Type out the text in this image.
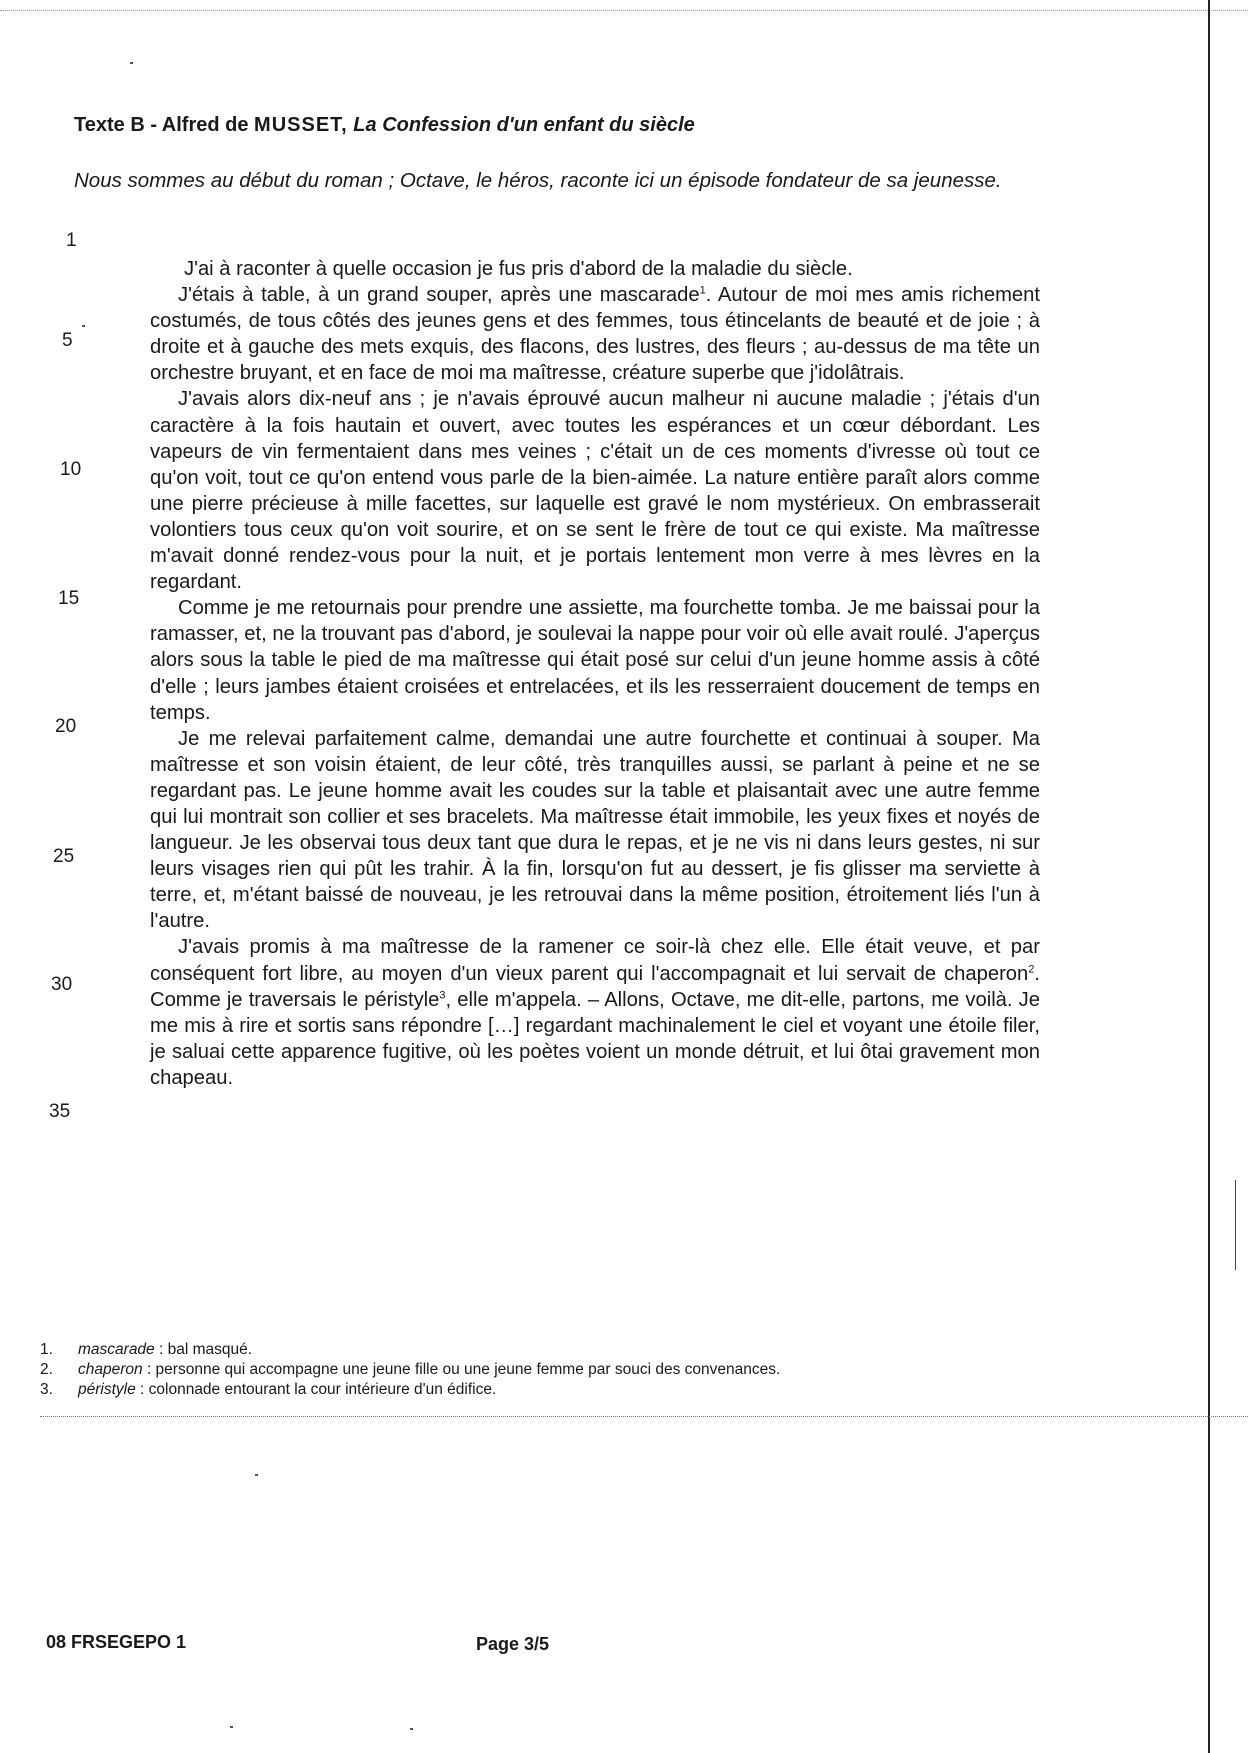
Texte B - Alfred de MUSSET, La Confession d'un enfant du siècle
Nous sommes au début du roman ; Octave, le héros, raconte ici un épisode fondateur de sa jeunesse.
1
5
10
15
20
25
30
35

J'ai à raconter à quelle occasion je fus pris d'abord de la maladie du siècle.

J'étais à table, à un grand souper, après une mascarade$^1$. Autour de moi mes amis richement costumés, de tous côtés des jeunes gens et des femmes, tous étincelants de beauté et de joie ; à droite et à gauche des mets exquis, des flacons, des lustres, des fleurs ; au-dessus de ma tête un orchestre bruyant, et en face de moi ma maîtresse, créature superbe que j'idolâtrais.

J'avais alors dix-neuf ans ; je n'avais éprouvé aucun malheur ni aucune maladie ; j'étais d'un caractère à la fois hautain et ouvert, avec toutes les espérances et un cœur débordant. Les vapeurs de vin fermentaient dans mes veines ; c'était un de ces moments d'ivresse où tout ce qu'on voit, tout ce qu'on entend vous parle de la bien-aimée. La nature entière paraît alors comme une pierre précieuse à mille facettes, sur laquelle est gravé le nom mystérieux. On embrasserait volontiers tous ceux qu'on voit sourire, et on se sent le frère de tout ce qui existe. Ma maîtresse m'avait donné rendez-vous pour la nuit, et je portais lentement mon verre à mes lèvres en la regardant.

Comme je me retournais pour prendre une assiette, ma fourchette tomba. Je me baissai pour la ramasser, et, ne la trouvant pas d'abord, je soulevai la nappe pour voir où elle avait roulé. J'aperçus alors sous la table le pied de ma maîtresse qui était posé sur celui d'un jeune homme assis à côté d'elle ; leurs jambes étaient croisées et entrelacées, et ils les resserraient doucement de temps en temps.

Je me relevai parfaitement calme, demandai une autre fourchette et continuai à souper. Ma maîtresse et son voisin étaient, de leur côté, très tranquilles aussi, se parlant à peine et ne se regardant pas. Le jeune homme avait les coudes sur la table et plaisantait avec une autre femme qui lui montrait son collier et ses bracelets. Ma maîtresse était immobile, les yeux fixes et noyés de langueur. Je les observai tous deux tant que dura le repas, et je ne vis ni dans leurs gestes, ni sur leurs visages rien qui pût les trahir. À la fin, lorsqu'on fut au dessert, je fis glisser ma serviette à terre, et, m'étant baissé de nouveau, je les retrouvai dans la même position, étroitement liés l'un à l'autre.

J'avais promis à ma maîtresse de la ramener ce soir-là chez elle. Elle était veuve, et par conséquent fort libre, au moyen d'un vieux parent qui l'accompagnait et lui servait de chaperon$^2$. Comme je traversais le péristyle$^3$, elle m'appela. – Allons, Octave, me dit-elle, partons, me voilà. Je me mis à rire et sortis sans répondre […] regardant machinalement le ciel et voyant une étoile filer, je saluai cette apparence fugitive, où les poètes voient un monde détruit, et lui ôtai gravement mon chapeau.

1.	mascarade : bal masqué.
2.	chaperon : personne qui accompagne une jeune fille ou une jeune femme par souci des convenances.
3.	péristyle : colonnade entourant la cour intérieure d'un édifice.
08 FRSEGEPO 1	Page 3/5
